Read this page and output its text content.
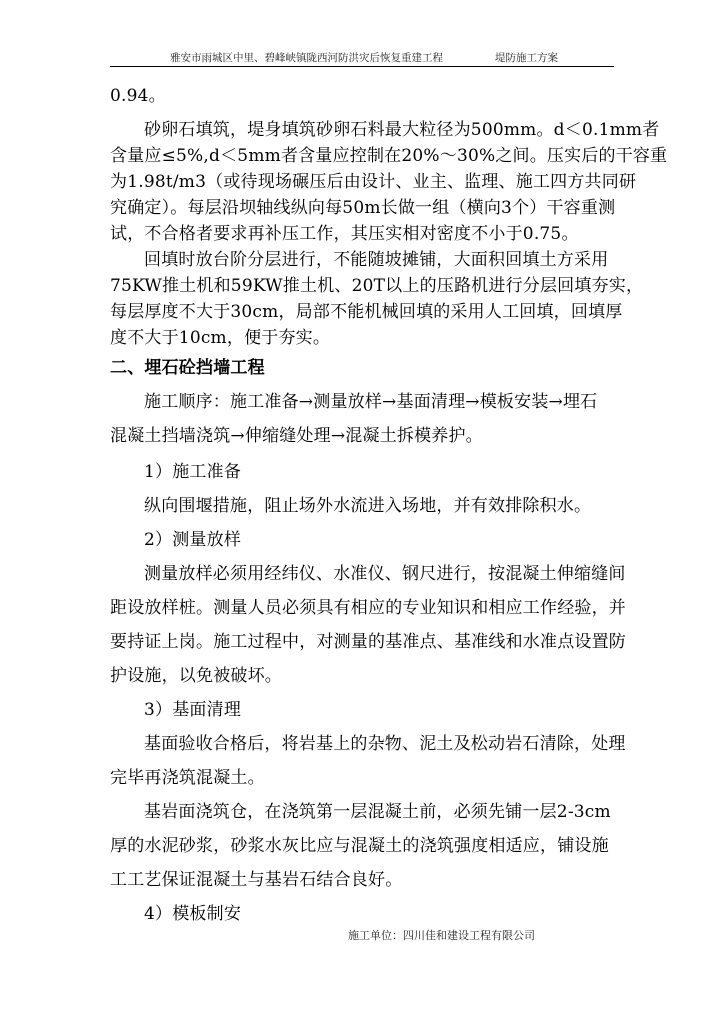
雅安市雨城区中里、碧峰峡镇陇西河防洪灾后恢复重建工程	堤防施工方案
0.94。
砂卵石填筑，堤身填筑砂卵石料最大粒径为500mm。d＜0.1mm者
含量应≤5%,d＜5mm者含量应控制在20%～30%之间。压实后的干容重
为1.98t/m3（或待现场碾压后由设计、业主、监理、施工四方共同研
究确定）。每层沿坝轴线纵向每50m长做一组（横向3个）干容重测
试，不合格者要求再补压工作，其压实相对密度不小于0.75。
回填时放台阶分层进行，不能随坡摊铺，大面积回填土方采用
75KW推土机和59KW推土机、20T以上的压路机进行分层回填夯实，
每层厚度不大于30cm，局部不能机械回填的采用人工回填，回填厚
度不大于10cm，便于夯实。
二、埋石砼挡墙工程
施工顺序：施工准备→测量放样→基面清理→模板安装→埋石
混凝土挡墙浇筑→伸缩缝处理→混凝土拆模养护。
1）施工准备
纵向围堰措施，阻止场外水流进入场地，并有效排除积水。
2）测量放样
测量放样必须用经纬仪、水准仪、钢尺进行，按混凝土伸缩缝间
距设放样桩。测量人员必须具有相应的专业知识和相应工作经验，并
要持证上岗。施工过程中，对测量的基准点、基准线和水准点设置防
护设施，以免被破坏。
3）基面清理
基面验收合格后，将岩基上的杂物、泥土及松动岩石清除，处理
完毕再浇筑混凝土。
基岩面浇筑仓，在浇筑第一层混凝土前，必须先铺一层2-3cm
厚的水泥砂浆，砂浆水灰比应与混凝土的浇筑强度相适应，铺设施
工工艺保证混凝土与基岩石结合良好。
4）模板制安
施工单位：四川佳和建设工程有限公司
